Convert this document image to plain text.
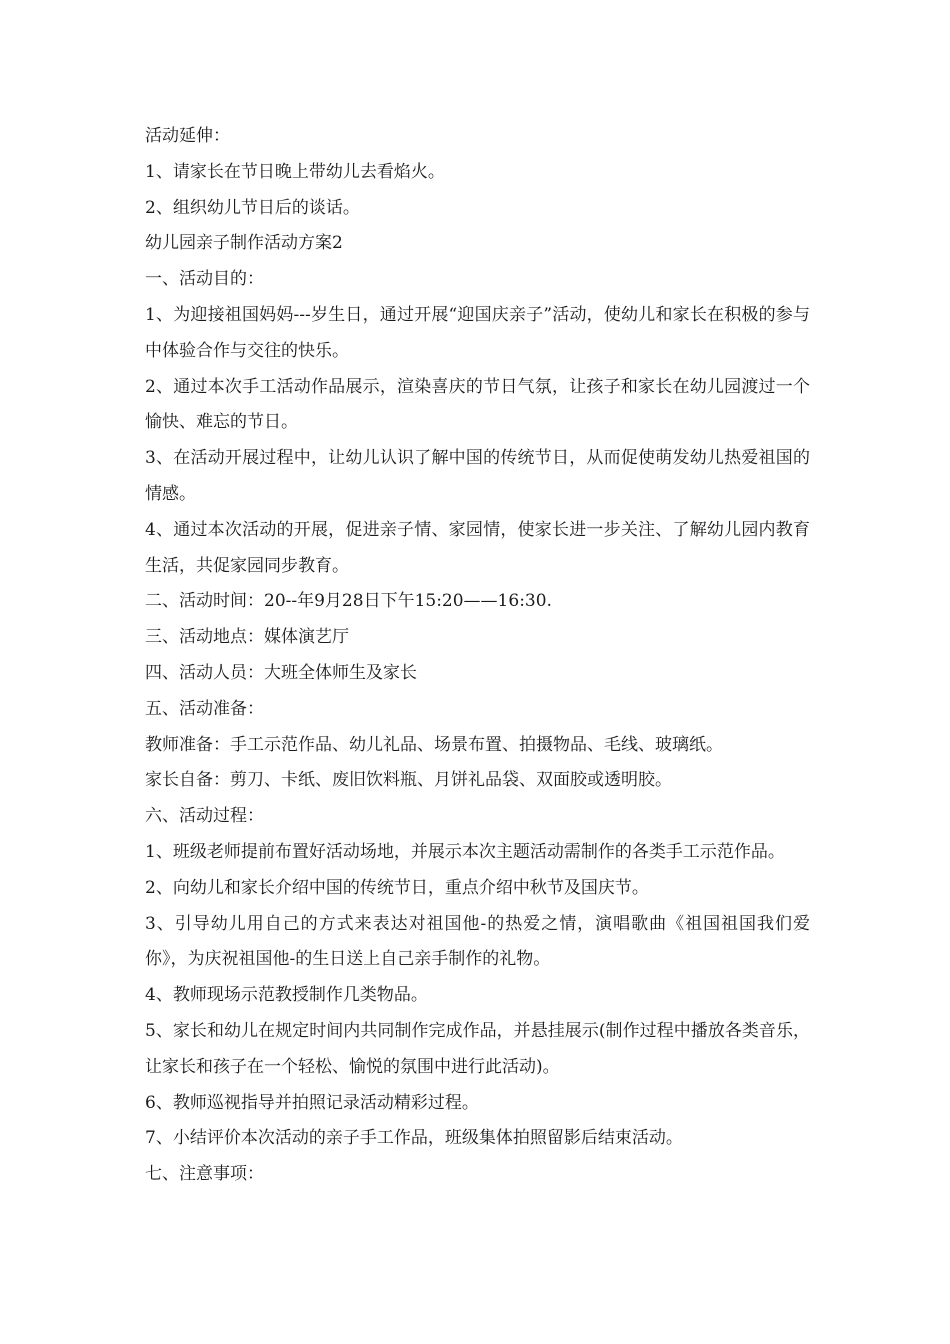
活动延伸：

1、请家长在节日晚上带幼儿去看焰火。

2、组织幼儿节日后的谈话。

幼儿园亲子制作活动方案2

一、活动目的：

1、为迎接祖国妈妈---岁生日，通过开展“迎国庆亲子”活动，使幼儿和家长在积极的参与中体验合作与交往的快乐。

2、通过本次手工活动作品展示，渲染喜庆的节日气氛，让孩子和家长在幼儿园渡过一个愉快、难忘的节日。

3、在活动开展过程中，让幼儿认识了解中国的传统节日，从而促使萌发幼儿热爱祖国的情感。

4、通过本次活动的开展，促进亲子情、家园情，使家长进一步关注、了解幼儿园内教育生活，共促家园同步教育。

二、活动时间：20--年9月28日下午15:20——16:30.

三、活动地点：媒体演艺厅

四、活动人员：大班全体师生及家长

五、活动准备：

教师准备：手工示范作品、幼儿礼品、场景布置、拍摄物品、毛线、玻璃纸。

家长自备：剪刀、卡纸、废旧饮料瓶、月饼礼品袋、双面胶或透明胶。

六、活动过程：

1、班级老师提前布置好活动场地，并展示本次主题活动需制作的各类手工示范作品。

2、向幼儿和家长介绍中国的传统节日，重点介绍中秋节及国庆节。

3、引导幼儿用自己的方式来表达对祖国他-的热爱之情，演唱歌曲《祖国祖国我们爱你》，为庆祝祖国他-的生日送上自己亲手制作的礼物。

4、教师现场示范教授制作几类物品。

5、家长和幼儿在规定时间内共同制作完成作品，并悬挂展示(制作过程中播放各类音乐，让家长和孩子在一个轻松、愉悦的氛围中进行此活动)。

6、教师巡视指导并拍照记录活动精彩过程。

7、小结评价本次活动的亲子手工作品，班级集体拍照留影后结束活动。

七、注意事项：
